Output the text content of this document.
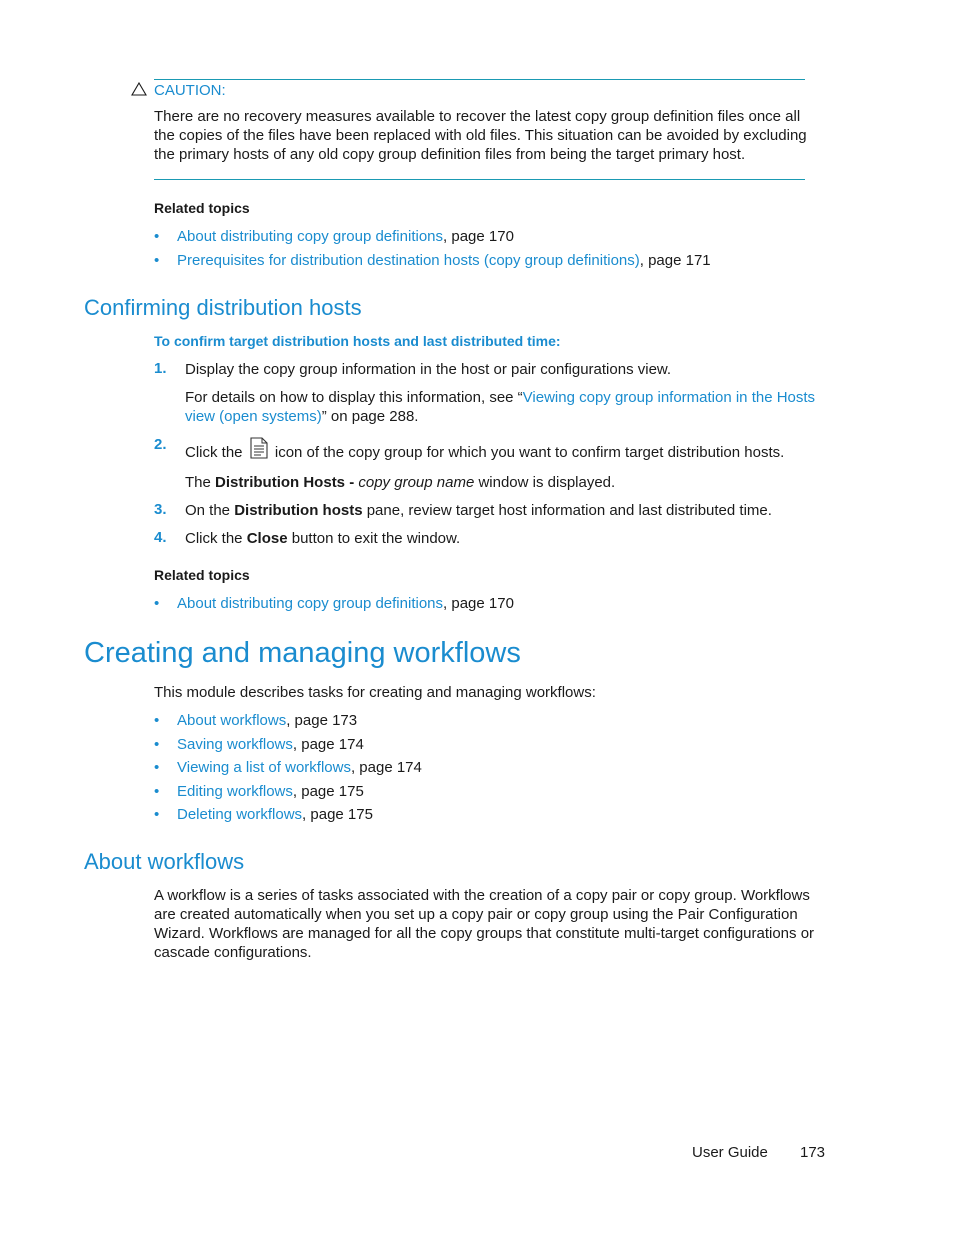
CAUTION:
There are no recovery measures available to recover the latest copy group definition files once all the copies of the files have been replaced with old files. This situation can be avoided by excluding the primary hosts of any old copy group definition files from being the target primary host.
Related topics
• About distributing copy group definitions, page 170
• Prerequisites for distribution destination hosts (copy group definitions), page 171
Confirming distribution hosts
To confirm target distribution hosts and last distributed time:
1. Display the copy group information in the host or pair configurations view.
For details on how to display this information, see “Viewing copy group information in the Hosts view (open systems)” on page 288.
2. Click the icon of the copy group for which you want to confirm target distribution hosts.
The Distribution Hosts - copy group name window is displayed.
3. On the Distribution hosts pane, review target host information and last distributed time.
4. Click the Close button to exit the window.
Related topics
• About distributing copy group definitions, page 170
Creating and managing workflows
This module describes tasks for creating and managing workflows:
• About workflows, page 173
• Saving workflows, page 174
• Viewing a list of workflows, page 174
• Editing workflows, page 175
• Deleting workflows, page 175
About workflows
A workflow is a series of tasks associated with the creation of a copy pair or copy group. Workflows are created automatically when you set up a copy pair or copy group using the Pair Configuration Wizard. Workflows are managed for all the copy groups that constitute multi-target configurations or cascade configurations.
User Guide 173
